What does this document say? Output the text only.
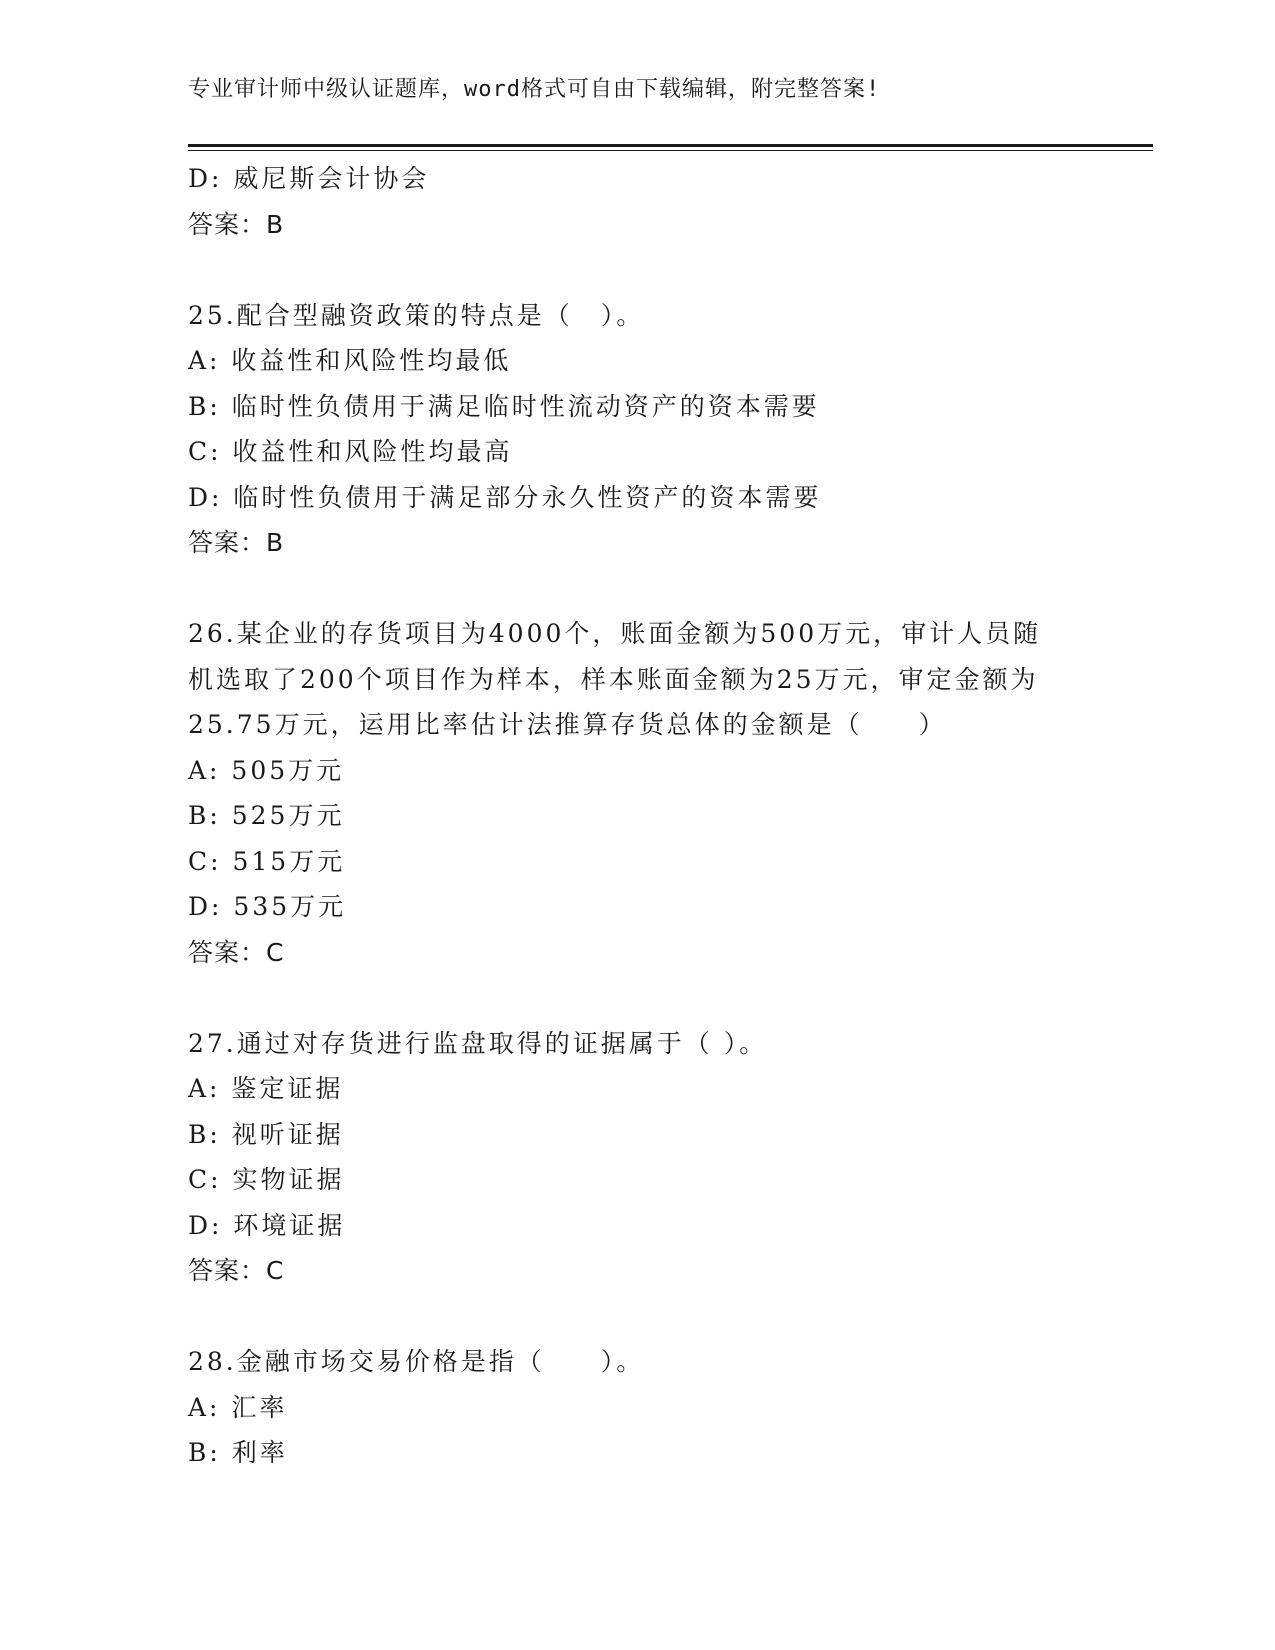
专业审计师中级认证题库，word格式可自由下载编辑，附完整答案!
D: 威尼斯会计协会
答案：B
25.配合型融资政策的特点是（　）。
A: 收益性和风险性均最低
B: 临时性负债用于满足临时性流动资产的资本需要
C: 收益性和风险性均最高
D: 临时性负债用于满足部分永久性资产的资本需要
答案：B
26.某企业的存货项目为4000个，账面金额为500万元，审计人员随
机选取了200个项目作为样本，样本账面金额为25万元，审定金额为
25.75万元，运用比率估计法推算存货总体的金额是（　　）
A: 505万元
B: 525万元
C: 515万元
D: 535万元
答案：C
27.通过对存货进行监盘取得的证据属于（ ）。
A: 鉴定证据
B: 视听证据
C: 实物证据
D: 环境证据
答案：C
28.金融市场交易价格是指（　　）。
A: 汇率
B: 利率
